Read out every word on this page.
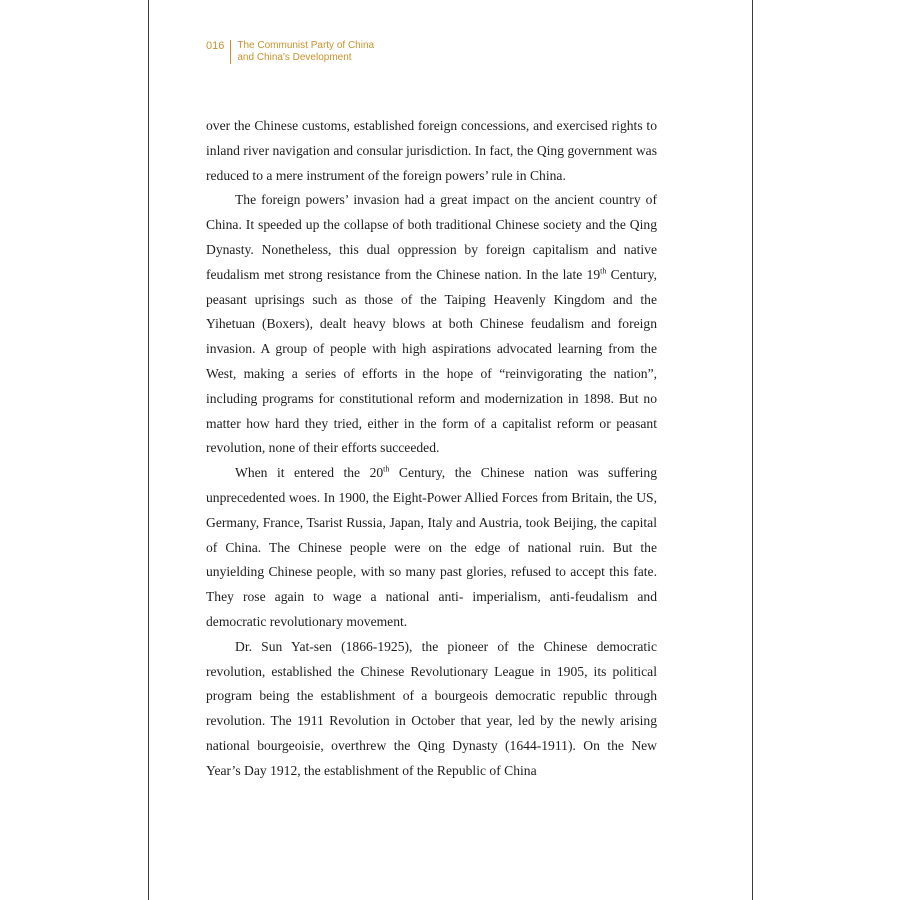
016	The Communist Party of China
and China's Development

over the Chinese customs, established foreign concessions, and exercised rights to inland river navigation and consular jurisdiction. In fact, the Qing government was reduced to a mere instrument of the foreign powers’ rule in China.

The foreign powers’ invasion had a great impact on the ancient country of China. It speeded up the collapse of both traditional Chinese society and the Qing Dynasty. Nonetheless, this dual oppression by foreign capitalism and native feudalism met strong resistance from the Chinese nation. In the late 19th Century, peasant uprisings such as those of the Taiping Heavenly Kingdom and the Yihetuan (Boxers), dealt heavy blows at both Chinese feudalism and foreign invasion. A group of people with high aspirations advocated learning from the West, making a series of efforts in the hope of “reinvigorating the nation”, including programs for constitutional reform and modernization in 1898. But no matter how hard they tried, either in the form of a capitalist reform or peasant revolution, none of their efforts succeeded.

When it entered the 20th Century, the Chinese nation was suffering unprecedented woes. In 1900, the Eight-Power Allied Forces from Britain, the US, Germany, France, Tsarist Russia, Japan, Italy and Austria, took Beijing, the capital of China. The Chinese people were on the edge of national ruin. But the unyielding Chinese people, with so many past glories, refused to accept this fate. They rose again to wage a national anti- imperialism, anti-feudalism and democratic revolutionary movement.

Dr. Sun Yat-sen (1866-1925), the pioneer of the Chinese democratic revolution, established the Chinese Revolutionary League in 1905, its political program being the establishment of a bourgeois democratic republic through revolution. The 1911 Revolution in October that year, led by the newly arising national bourgeoisie, overthrew the Qing Dynasty (1644-1911). On the New Year’s Day 1912, the establishment of the Republic of China
